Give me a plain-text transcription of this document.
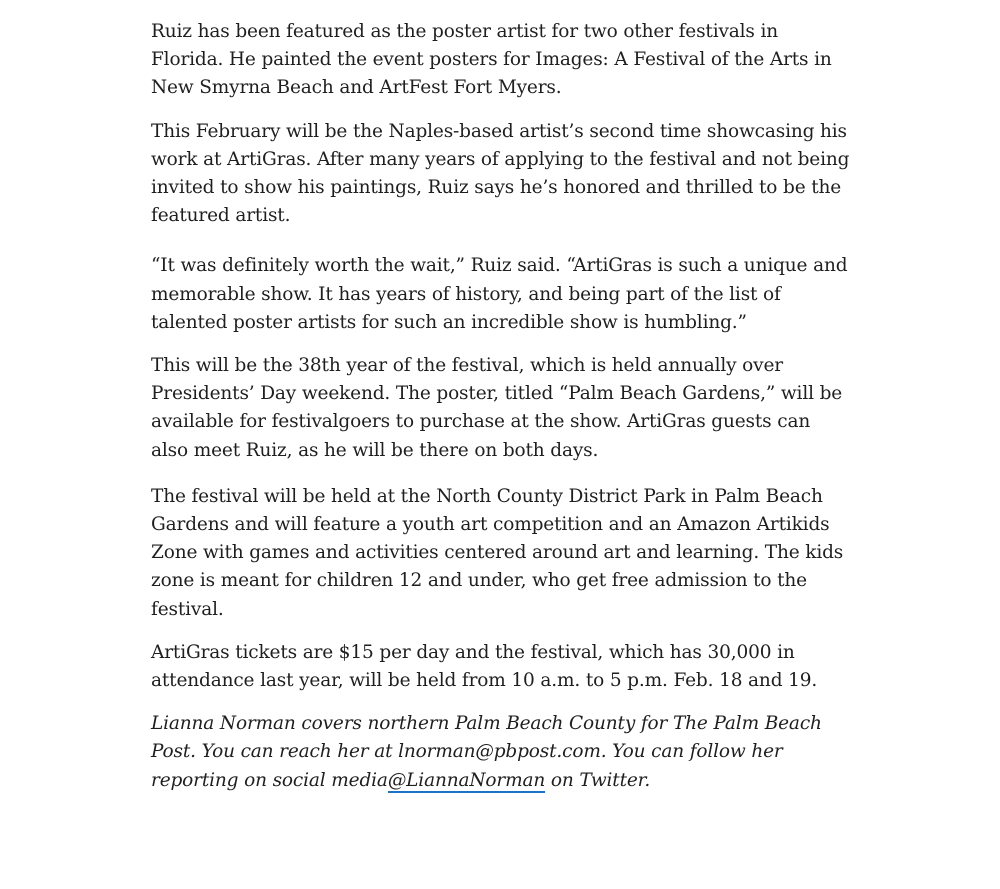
Ruiz has been featured as the poster artist for two other festivals in Florida. He painted the event posters for Images: A Festival of the Arts in New Smyrna Beach and ArtFest Fort Myers.

This February will be the Naples-based artist’s second time showcasing his work at ArtiGras. After many years of applying to the festival and not being invited to show his paintings, Ruiz says he’s honored and thrilled to be the featured artist.

“It was definitely worth the wait,” Ruiz said. “ArtiGras is such a unique and memorable show. It has years of history, and being part of the list of talented poster artists for such an incredible show is humbling.”

This will be the 38th year of the festival, which is held annually over Presidents’ Day weekend. The poster, titled “Palm Beach Gardens,” will be available for festivalgoers to purchase at the show. ArtiGras guests can also meet Ruiz, as he will be there on both days.

The festival will be held at the North County District Park in Palm Beach Gardens and will feature a youth art competition and an Amazon Artikids Zone with games and activities centered around art and learning. The kids zone is meant for children 12 and under, who get free admission to the festival.

ArtiGras tickets are $15 per day and the festival, which has 30,000 in attendance last year, will be held from 10 a.m. to 5 p.m. Feb. 18 and 19.

Lianna Norman covers northern Palm Beach County for The Palm Beach Post. You can reach her at lnorman@pbpost.com. You can follow her reporting on social media@LiannaNorman on Twitter.
